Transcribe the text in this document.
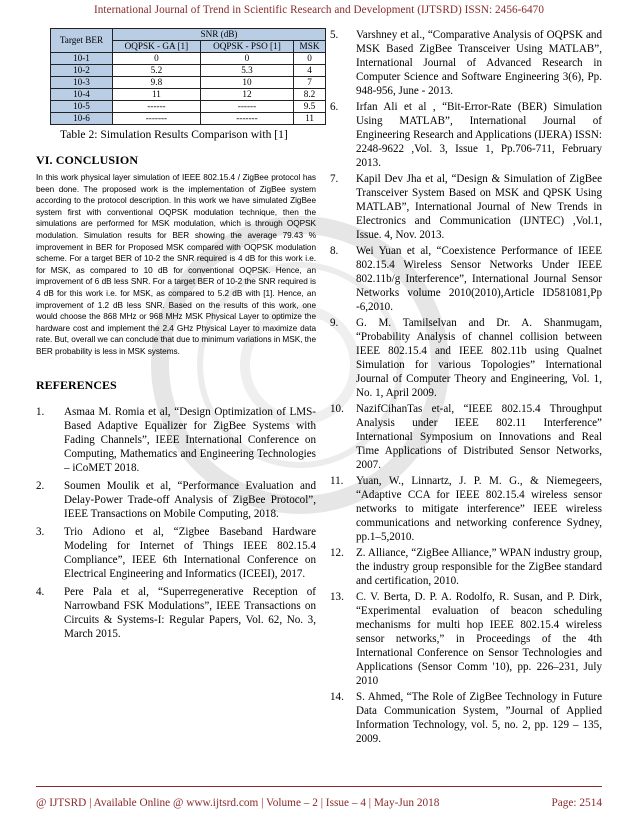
International Journal of Trend in Scientific Research and Development (IJTSRD) ISSN: 2456-6470
Target BER	SNR (dB)		
	OQPSK - GA [1]	OQPSK - PSO [1]	MSK
10-1	0	0	0
10-2	5.2	5.3	4
10-3	9.8	10	7
10-4	11	12	8.2
10-5	------	------	9.5
10-6	-------	-------	11
Table 2: Simulation Results Comparison with [1]
VI. CONCLUSION

In this work physical layer simulation of IEEE 802.15.4 / ZigBee protocol has been done. The proposed work is the implementation of ZigBee system according to the protocol description. In this work we have simulated ZigBee system first with conventional OQPSK modulation technique, then the simulations are performed for MSK modulation, which is through OQPSK modulation. Simulation results for BER showing the average 79.43 % improvement in BER for Proposed MSK compared with OQPSK modulation scheme. For a target BER of 10-2 the SNR required is 4 dB for this work i.e. for MSK, as compared to 10 dB for conventional OQPSK. Hence, an improvement of 6 dB less SNR. For a target BER of 10-2 the SNR required is 4 dB for this work i.e. for MSK, as compared to 5.2 dB with [1]. Hence, an improvement of 1.2 dB less SNR. Based on the results of this work, one would choose the 868 MHz or 968 MHz MSK Physical Layer to optimize the hardware cost and implement the 2.4 GHz Physical Layer to maximize data rate. But, overall we can conclude that due to minimum variations in MSK, the BER probability is less in MSK systems.

REFERENCES
1. Asmaa M. Romia et al, “Design Optimization of LMS-Based Adaptive Equalizer for ZigBee Systems with Fading Channels”, IEEE International Conference on Computing, Mathematics and Engineering Technologies – iCoMET 2018.
2. Soumen Moulik et al, “Performance Evaluation and Delay-Power Trade-off Analysis of ZigBee Protocol”, IEEE Transactions on Mobile Computing, 2018.
3. Trio Adiono et al, “Zigbee Baseband Hardware Modeling for Internet of Things IEEE 802.15.4 Compliance”, IEEE 6th International Conference on Electrical Engineering and Informatics (ICEEI), 2017.
4. Pere Pala et al, “Superregenerative Reception of Narrowband FSK Modulations”, IEEE Transactions on Circuits & Systems-I: Regular Papers, Vol. 62, No. 3, March 2015.
5. Varshney et al., “Comparative Analysis of OQPSK and MSK Based ZigBee Transceiver Using MATLAB”, International Journal of Advanced Research in Computer Science and Software Engineering 3(6), Pp. 948-956, June - 2013.
6. Irfan Ali et al , “Bit-Error-Rate (BER) Simulation Using MATLAB”, International Journal of Engineering Research and Applications (IJERA) ISSN: 2248-9622 ,Vol. 3, Issue 1, Pp.706-711, February 2013.
7. Kapil Dev Jha et al, “Design & Simulation of ZigBee Transceiver System Based on MSK and QPSK Using MATLAB”, International Journal of New Trends in Electronics and Communication (IJNTEC) ,Vol.1, Issue. 4, Nov. 2013.
8. Wei Yuan et al, “Coexistence Performance of IEEE 802.15.4 Wireless Sensor Networks Under IEEE 802.11b/g Interference”, International Journal Sensor Networks volume 2010(2010),Article ID581081,Pp -6,2010.
9. G. M. Tamilselvan and Dr. A. Shanmugam, “Probability Analysis of channel collision between IEEE 802.15.4 and IEEE 802.11b using Qualnet Simulation for various Topologies” International Journal of Computer Theory and Engineering, Vol. 1, No. 1, April 2009.
10. NazifCihanTas et-al, “IEEE 802.15.4 Throughput Analysis under IEEE 802.11 Interference” International Symposium on Innovations and Real Time Applications of Distributed Sensor Networks, 2007.
11. Yuan, W., Linnartz, J. P. M. G., & Niemegeers, “Adaptive CCA for IEEE 802.15.4 wireless sensor networks to mitigate interference” IEEE wireless communications and networking conference Sydney, pp.1–5,2010.
12. Z. Alliance, “ZigBee Alliance,” WPAN industry group, the industry group responsible for the ZigBee standard and certification, 2010.
13. C. V. Berta, D. P. A. Rodolfo, R. Susan, and P. Dirk, “Experimental evaluation of beacon scheduling mechanisms for multi hop IEEE 802.15.4 wireless sensor networks,” in Proceedings of the 4th International Conference on Sensor Technologies and Applications (Sensor Comm '10), pp. 226–231, July 2010
14. S. Ahmed, “The Role of ZigBee Technology in Future Data Communication System, ”Journal of Applied Information Technology, vol. 5, no. 2, pp. 129 – 135, 2009.
@ IJTSRD | Available Online @ www.ijtsrd.com | Volume – 2 | Issue – 4 | May-Jun 2018	Page: 2514
